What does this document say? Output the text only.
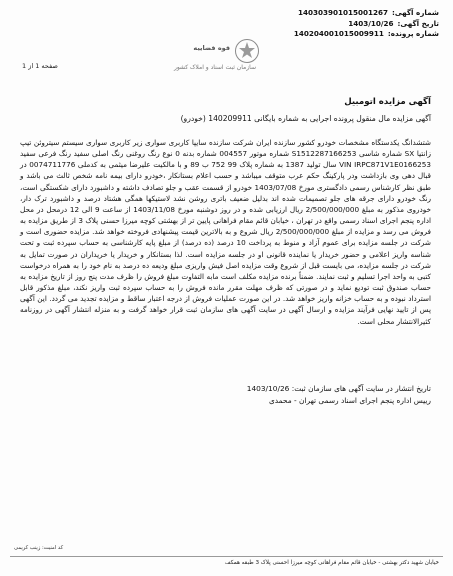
شماره آگهی:
140303901015001267
تاریخ آگهی:
1403/10/26
شماره پرونده:
140204001015009911
قوه قضاییه
سازمان ثبت اسناد و املاک کشور
صفحه 1 از 1
آگهی مزایده اتومبیل
آگهی مزایده مال منقول پرونده اجرایی به شماره بایگانی 140209911 (خودرو)
شتشدانگ یکدستگاه مشخصات خودرو کشور سازنده ایران شرکت سازنده سایپا کاربری سواری زیر کاربری سواری سیستم سیتروئن تیپ زانتیا SX شماره شاسی S1512287166253 شماره موتور 004557 شماره بدنه 0 نوع رنگ روغنی رنگ اصلی سفید رنگ فرعی سفید VIN IRPC871V1E0166253 سال تولید 1387 به شماره پلاک 99 752 ب 89 و با مالکیت علیرضا میثمی به کدملی 0074711776 در قبال دهی وی بازداشت ودر پارکینگ حکم عرب متوقف میباشد و حسب اعلام بستانکار ،خودرو دارای بیمه نامه شخص ثالث می باشد و طبق نظر کارشناس رسمی دادگستری مورخ 1403/07/08 خودرو از قسمت عقب و جلو تصادف داشته و داشبورد دارای شکستگی است، رنگ خودرو دارای جرقه های جلو تصمیمات شده اند بدلیل ضعیف باتری روشن نشد لاستیکها همگی هشتاد درصد و داشبورد ترک دار، خودروی مذکور به مبلغ 2/500/000/000 ریال ارزیابی شده و در روز دوشنبه مورخ 1403/11/08 از ساعت 9 الی 12 درمحل در محل اداره پنجم اجرای اسناد رسمی واقع در تهران ، خیابان قائم مقام فراهانی پایین تر از بهشتی کوچه میرزا حسنی پلاک 3 از طریق مزایده به فروش می رسد و مزایده از مبلغ 2/500/000/000 ریال شروع و به بالاترین قیمت پیشنهادی فروخته خواهد شد. مزایده حضوری است و شرکت در جلسه مزایده برای عموم آزاد و منوط به پرداخت 10 درصد (ده درصد) از مبلغ پایه کارشناسی به حساب سپرده ثبت و تحت شناسه واریز اعلامی و حضور خریدار یا نماینده قانونی او در جلسه مزایده است. لذا بستانکار و خریدار یا خریداران در صورت تمایل به شرکت در جلسه مزایده، می بایست قبل از شروع وقت مزایده اصل فیش واریزی مبلغ ودیعه ده درصد به نام خود را به همراه درخواست کتبی به واحد اجرا تسلیم و ثبت نمایند. ضمناً برنده مزایده مکلف است مابه التفاوت مبلغ فروش را ظرف مدت پنج روز از تاریخ مزایده به حساب صندوق ثبت تودیع نماید و در صورتی که ظرف مهلت مقرر مانده فروش را به حساب سپرده ثبت واریز نکند، مبلغ مذکور قابل استرداد نبوده و به حساب خزانه واریز خواهد شد. در این صورت عملیات فروش از درجه اعتبار ساقط و مزایده تجدید می گردد. این آگهی پس از تایید نهایی فرآیند مزایده و ارسال آگهی در سایت آگهی های سازمان ثبت قرار خواهد گرفت و به منزله انتشار آگهی در روزنامه کثیرالانتشار محلی است.
تاریخ انتشار در سایت آگهی های سازمان ثبت: 1403/10/26
رییس اداره پنجم اجرای اسناد رسمی تهران - محمدی
کد امنیت: زینب کریمی
خیابان شهید دکتر بهشتی - خیابان قائم مقام فراهانی کوچه میرزا احسنی پلاک 3 طبقه همکف
